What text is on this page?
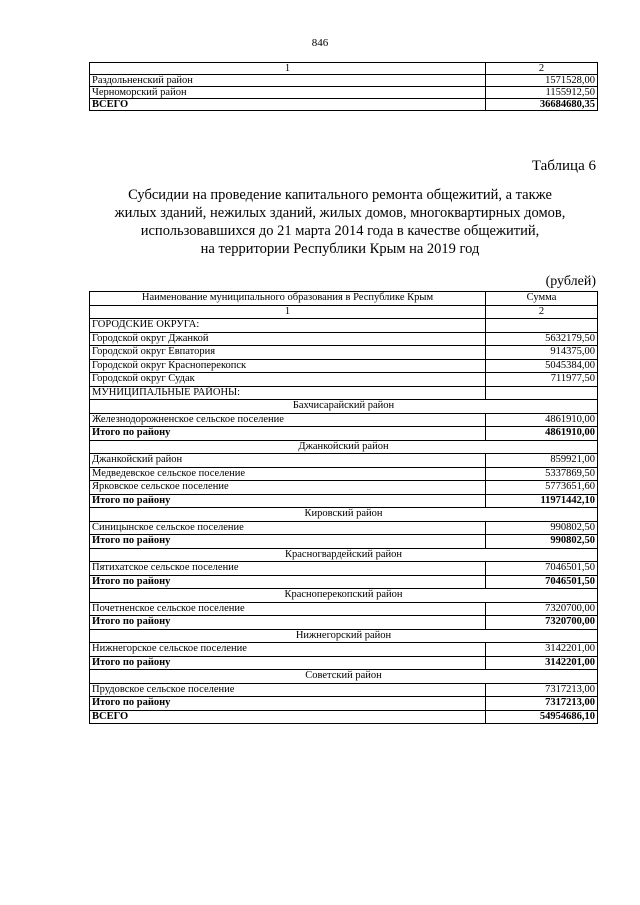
846
1	2
Раздольненский район	1571528,00
Черноморский район	1155912,50
ВСЕГО	36684680,35
Таблица 6
Субсидии на проведение капитального ремонта общежитий, а также
жилых зданий, нежилых зданий, жилых домов, многоквартирных домов,
использовавшихся до 21 марта 2014 года в качестве общежитий,
на территории Республики Крым на 2019 год
(рублей)
Наименование муниципального образования в Республике Крым	Сумма
1	2
ГОРОДСКИЕ ОКРУГА:	
Городской округ Джанкой	5632179,50
Городской округ Евпатория	914375,00
Городской округ Красноперекопск	5045384,00
Городской округ Судак	711977,50
МУНИЦИПАЛЬНЫЕ РАЙОНЫ:	
Бахчисарайский район	
Железнодорожненское сельское поселение	4861910,00
Итого по району	4861910,00
Джанкойский район	
Джанкойский район	859921,00
Медведевское сельское поселение	5337869,50
Ярковское сельское поселение	5773651,60
Итого по району	11971442,10
Кировский район	
Синицынское сельское поселение	990802,50
Итого по району	990802,50
Красногвардейский район	
Пятихатское сельское поселение	7046501,50
Итого по району	7046501,50
Красноперекопский район	
Почетненское сельское поселение	7320700,00
Итого по району	7320700,00
Нижнегорский район	
Нижнегорское сельское поселение	3142201,00
Итого по району	3142201,00
Советский район	
Прудовское сельское поселение	7317213,00
Итого по району	7317213,00
ВСЕГО	54954686,10
